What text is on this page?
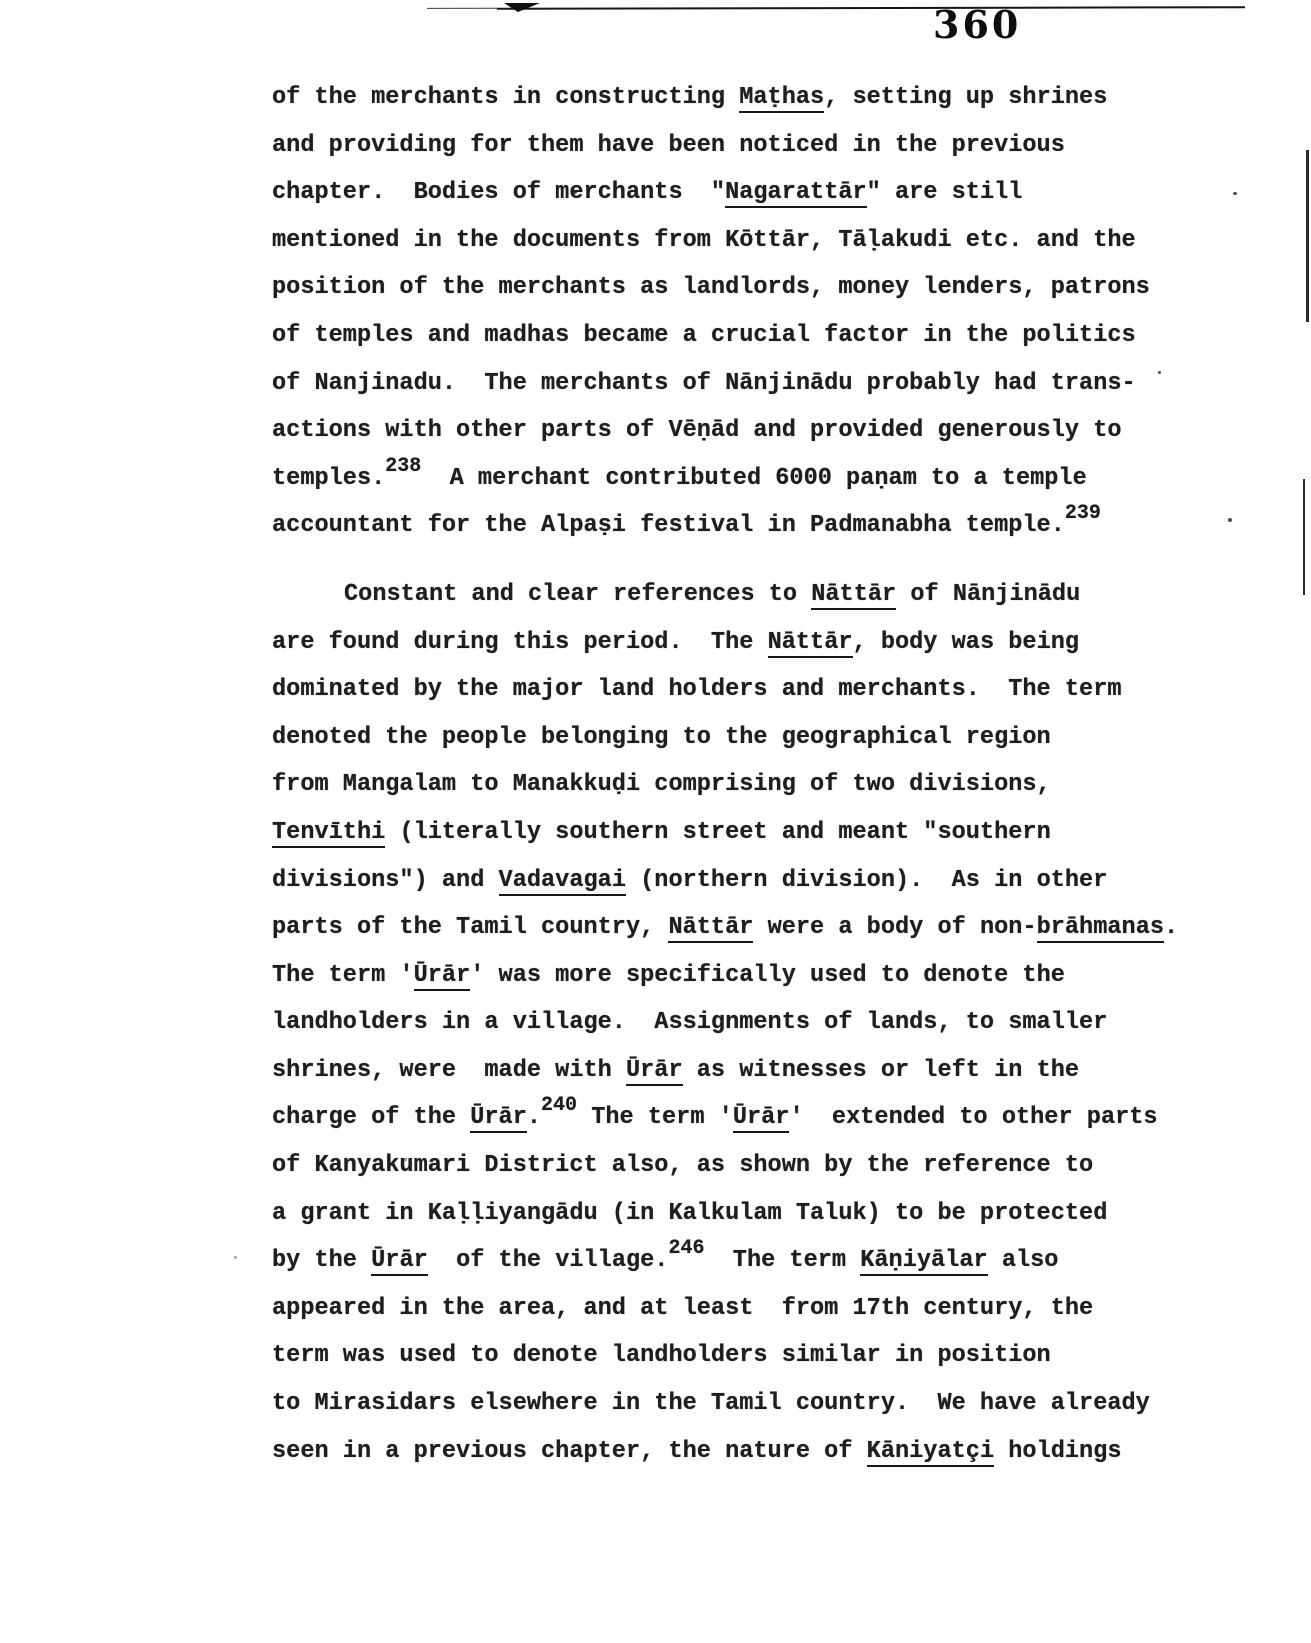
360
of the merchants in constructing Maṭhas, setting up shrines
and providing for them have been noticed in the previous
chapter.  Bodies of merchants  "Nagarattār" are still
mentioned in the documents from Kōttār, Tāḷakudi etc. and the
position of the merchants as landlords, money lenders, patrons
of temples and madhas became a crucial factor in the politics
of Nanjinadu.  The merchants of Nānjinādu probably had trans-
actions with other parts of Vēṇād and provided generously to
temples.$^{238}$  A merchant contributed 6000 paṇam to a temple
accountant for the Alpaṣi festival in Padmanabha temple.$^{239}$
Constant and clear references to Nāttār of Nānjinādu
are found during this period.  The Nāttār, body was being
dominated by the major land holders and merchants.  The term
denoted the people belonging to the geographical region
from Mangalam to Manakkuḍi comprising of two divisions,
Tenvīthi (literally southern street and meant "southern
divisions") and Vadavagai (northern division).  As in other
parts of the Tamil country, Nāttār were a body of non-brāhmanas.
The term 'Ūrār' was more specifically used to denote the
landholders in a village.  Assignments of lands, to smaller
shrines, were  made with Ūrār as witnesses or left in the
charge of the Ūrār.$^{240}$ The term 'Ūrār'  extended to other parts
of Kanyakumari District also, as shown by the reference to
a grant in Kaḷḷiyangādu (in Kalkulam Taluk) to be protected
by the Ūrār  of the village.$^{246}$  The term Kāṇiyālar also
appeared in the area, and at least  from 17th century, the
term was used to denote landholders similar in position
to Mirasidars elsewhere in the Tamil country.  We have already
seen in a previous chapter, the nature of Kāniyatçi holdings
